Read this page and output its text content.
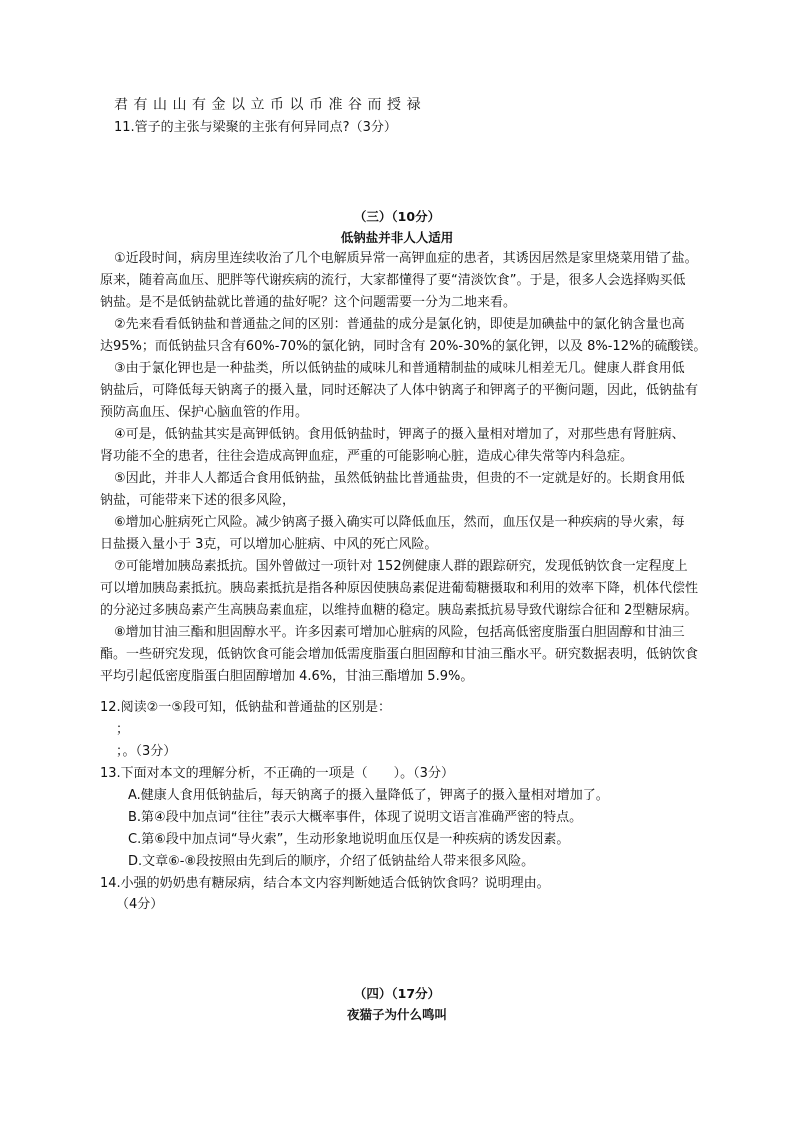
君有山山有金以立币以币准谷而授禄
11.管子的主张与梁聚的主张有何异同点?（3分）
（三）（10分）
低钠盐并非人人适用
①近段时间，病房里连续收治了几个电解质异常一高钾血症的患者，其诱因居然是家里烧菜用错了盐。
原来，随着高血压、肥胖等代谢疾病的流行，大家都懂得了要“清淡饮食”。于是，很多人会选择购买低
钠盐。是不是低钠盐就比普通的盐好呢？这个问题需要一分为二地来看。
②先来看看低钠盐和普通盐之间的区别：普通盐的成分是氯化钠，即使是加碘盐中的氯化钠含量也高
达95%；而低钠盐只含有60%-70%的氯化钠，同时含有 20%-30%的氯化钾，以及 8%-12%的硫酸镁。
③由于氯化钾也是一种盐类，所以低钠盐的咸味儿和普通精制盐的咸味儿相差无几。健康人群食用低
钠盐后，可降低每天钠离子的摄入量，同时还解决了人体中钠离子和钾离子的平衡问题，因此，低钠盐有
预防高血压、保护心脑血管的作用。
④可是，低钠盐其实是高钾低钠。食用低钠盐时，钾离子的摄入量相对增加了，对那些患有肾脏病、
肾功能不全的患者，往往会造成高钾血症，严重的可能影响心脏，造成心律失常等内科急症。
⑤因此，并非人人都适合食用低钠盐，虽然低钠盐比普通盐贵，但贵的不一定就是好的。长期食用低
钠盐，可能带来下述的很多风险，
⑥增加心脏病死亡风险。减少钠离子摄入确实可以降低血压，然而，血压仅是一种疾病的导火索，每
日盐摄入量小于 3克，可以增加心脏病、中风的死亡风险。
⑦可能增加胰岛素抵抗。国外曾做过一项针对 152例健康人群的跟踪研究，发现低钠饮食一定程度上
可以增加胰岛素抵抗。胰岛素抵抗是指各种原因使胰岛素促进葡萄糖摄取和利用的效率下降，机体代偿性
的分泌过多胰岛素产生高胰岛素血症，以维持血糖的稳定。胰岛素抵抗易导致代谢综合征和 2型糖尿病。
⑧增加甘油三酯和胆固醇水平。许多因素可增加心脏病的风险，包括高低密度脂蛋白胆固醇和甘油三
酯。一些研究发现，低钠饮食可能会增加低需度脂蛋白胆固醇和甘油三酯水平。研究数据表明，低钠饮食
平均引起低密度脂蛋白胆固醇增加 4.6%，甘油三酯增加 5.9%。
12.阅读②一⑤段可知，低钠盐和普通盐的区别是：
；
；。（3分）
13.下面对本文的理解分析，不正确的一项是（　　）。（3分）
A.健康人食用低钠盐后，每天钠离子的摄入量降低了，钾离子的摄入量相对增加了。
B.第④段中加点词“往往”表示大概率事件，体现了说明文语言准确严密的特点。
C.第⑥段中加点词“导火索”，生动形象地说明血压仅是一种疾病的诱发因素。
D.文章⑥-⑧段按照由先到后的顺序，介绍了低钠盐给人带来很多风险。
14.小强的奶奶患有糖尿病，结合本文内容判断她适合低钠饮食吗？说明理由。
（4分）
（四）（17分）
夜猫子为什么鸣叫
